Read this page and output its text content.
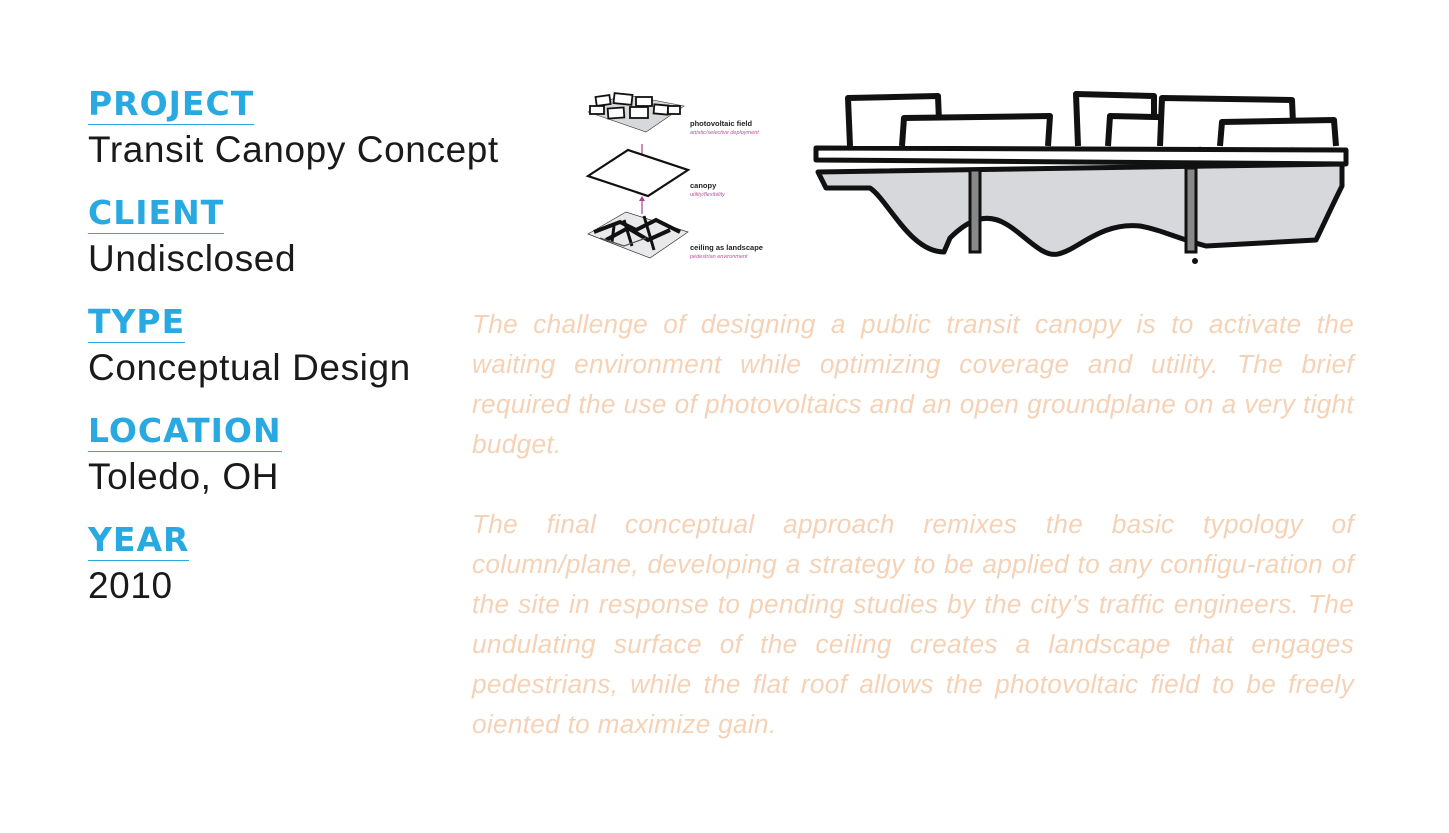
PROJECT
Transit Canopy Concept
CLIENT
Undisclosed
TYPE
Conceptual Design
LOCATION
Toledo, OH
YEAR
2010
photovoltaic field
artistic/selective deployment
canopy
utility/flexibility
ceiling as landscape
pedestrian environment

The challenge of designing a public transit canopy is to activate the waiting environment while optimizing coverage and utility. The brief required the use of photovoltaics and an open groundplane on a very tight budget.

The final conceptual approach remixes the basic typology of column/plane, developing a strategy to be applied to any configu-ration of the site in response to pending studies by the city’s traffic engineers. The undulating surface of the ceiling creates a landscape that engages pedestrians, while the flat roof allows the photovoltaic field to be freely oiented to maximize gain.
